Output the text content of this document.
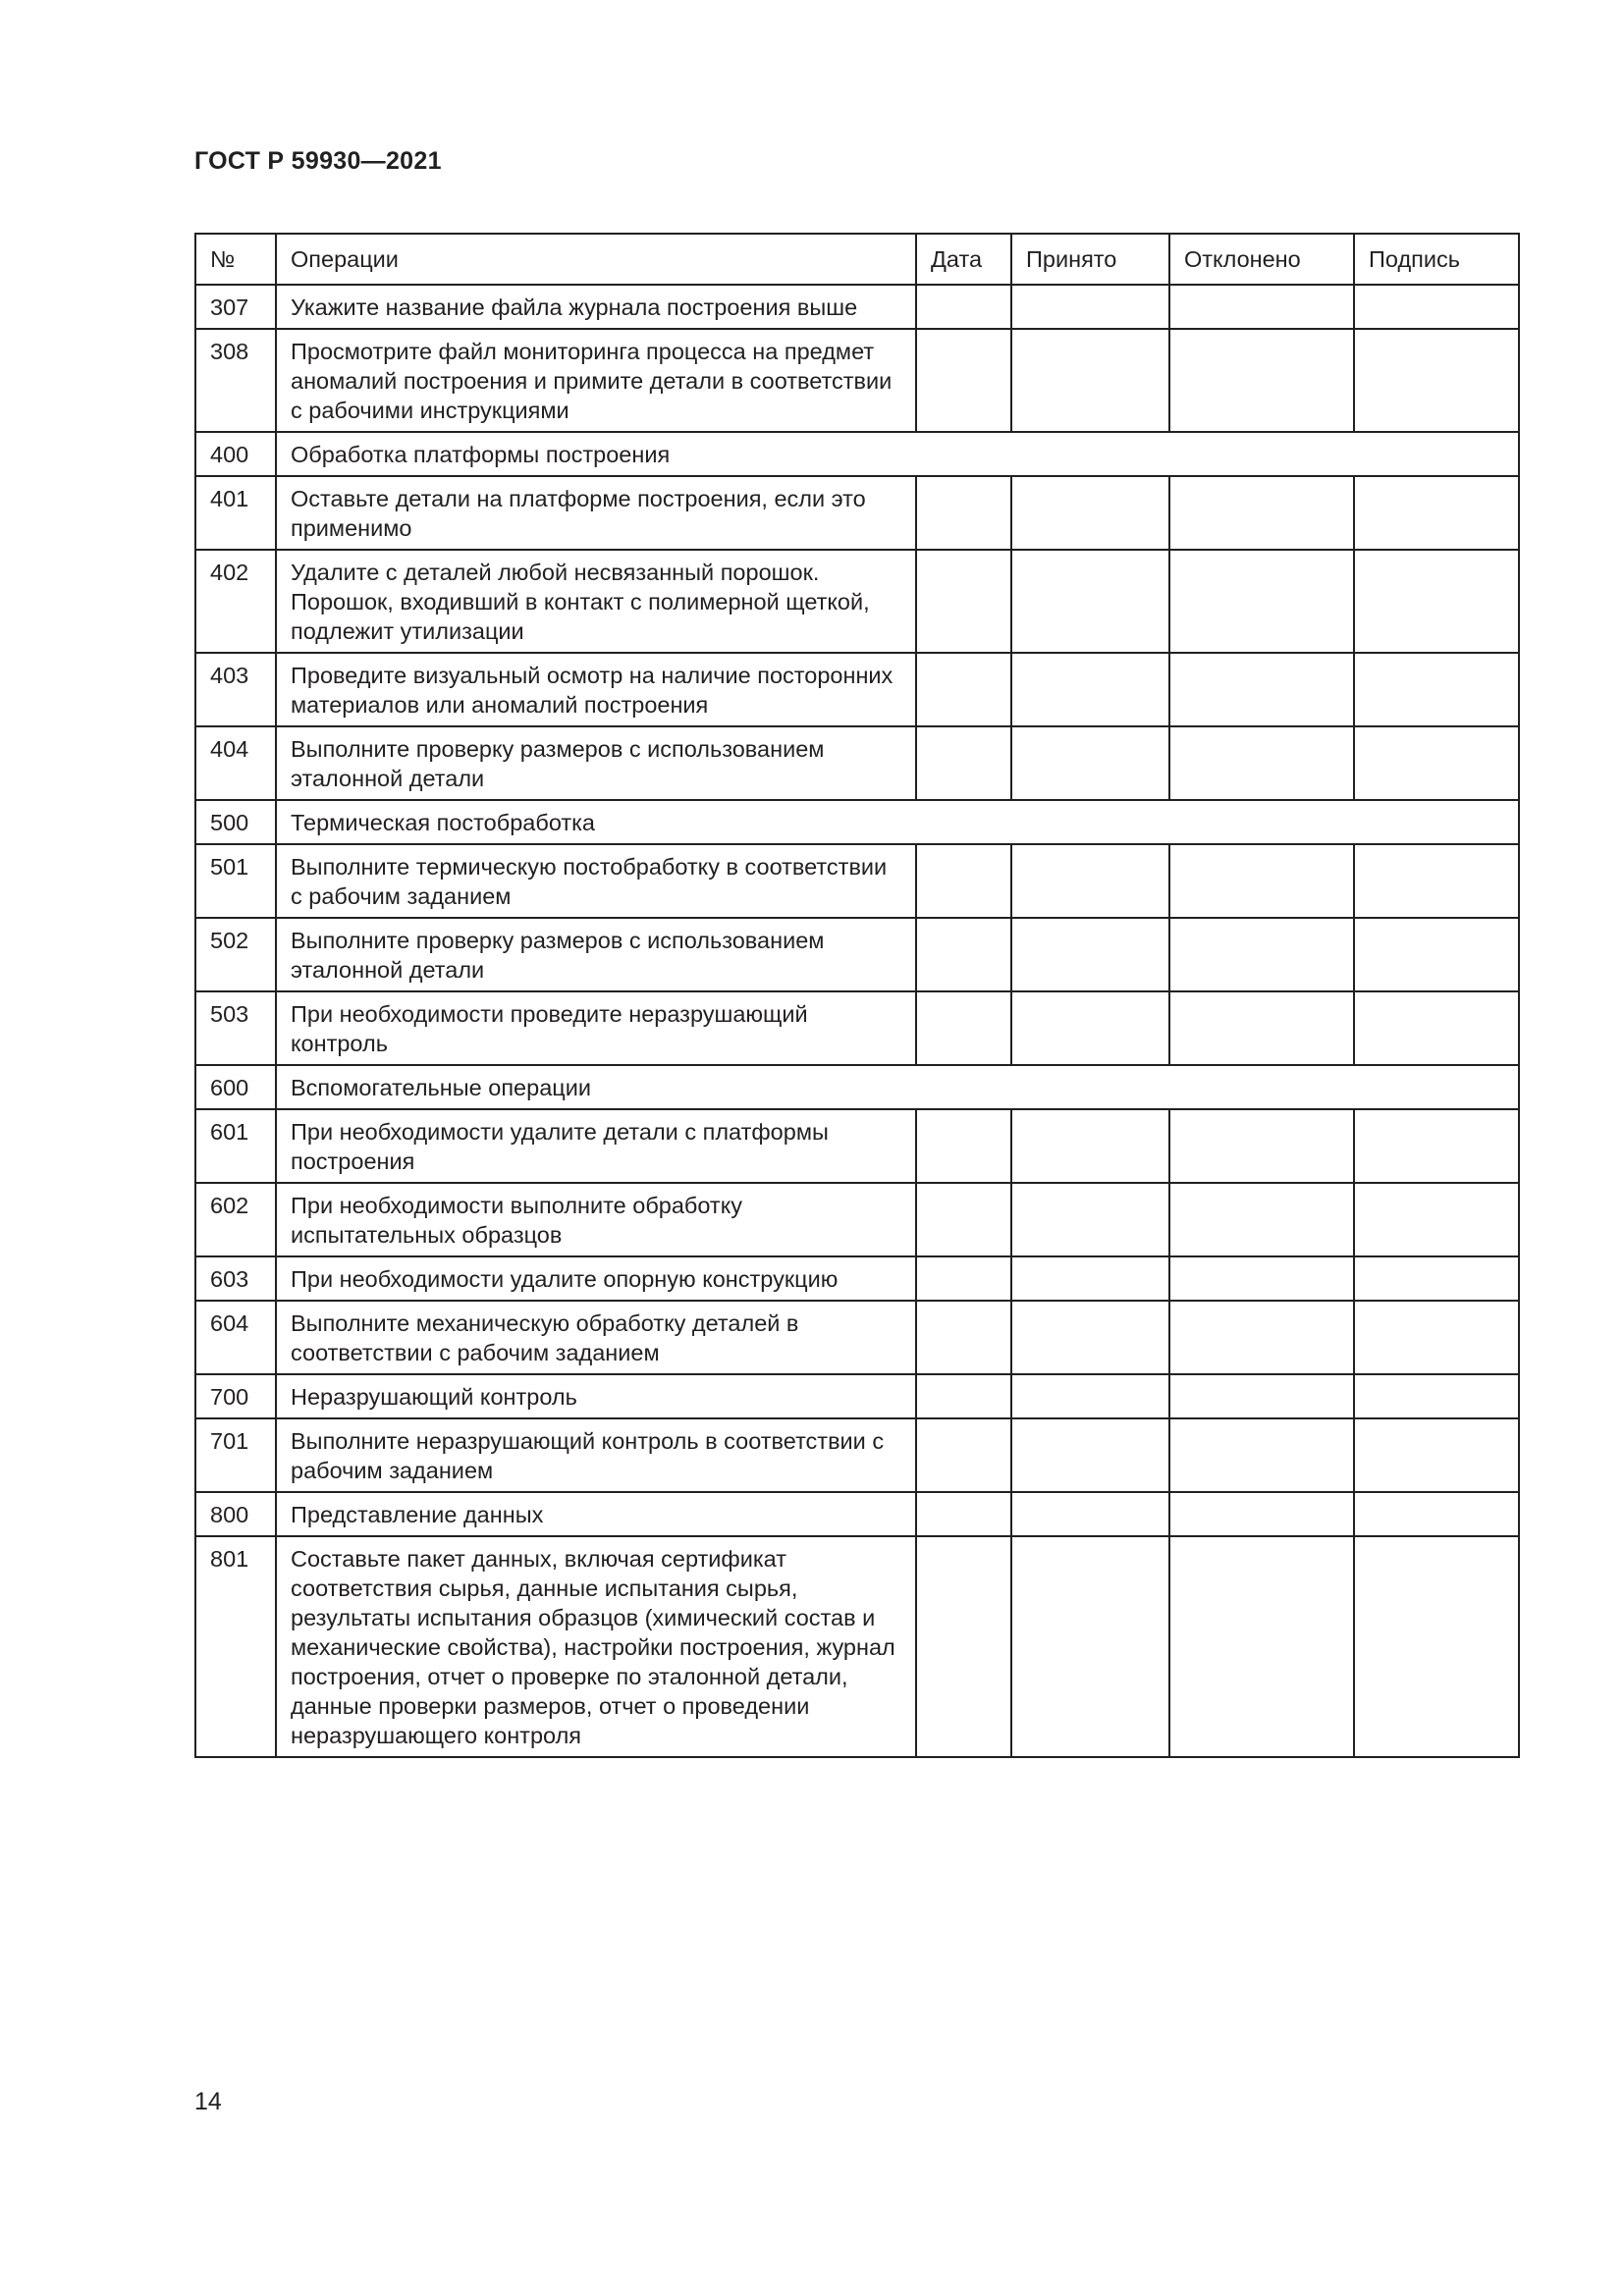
ГОСТ Р 59930—2021
№	Операции	Дата	Принято	Отклонено	Подпись
307	Укажите название файла журнала построения выше				
308	Просмотрите файл мониторинга процесса на предмет аномалий построения и примите детали в соответствии с рабочими инструкциями				
400	Обработка платформы построения				
401	Оставьте детали на платформе построения, если это применимо				
402	Удалите с деталей любой несвязанный порошок. Порошок, входивший в контакт с полимерной щеткой, подлежит утилизации				
403	Проведите визуальный осмотр на наличие посторонних материалов или аномалий построения				
404	Выполните проверку размеров с использованием эталонной детали				
500	Термическая постобработка				
501	Выполните термическую постобработку в соответствии с рабочим заданием				
502	Выполните проверку размеров с использованием эталонной детали				
503	При необходимости проведите неразрушающий контроль				
600	Вспомогательные операции				
601	При необходимости удалите детали с платформы построения				
602	При необходимости выполните обработку испытательных образцов				
603	При необходимости удалите опорную конструкцию				
604	Выполните механическую обработку деталей в соответствии с рабочим заданием				
700	Неразрушающий контроль				
701	Выполните неразрушающий контроль в соответствии с рабочим заданием				
800	Представление данных				
801	Составьте пакет данных, включая сертификат соответствия сырья, данные испытания сырья, результаты испытания образцов (химический состав и механические свойства), настройки построения, журнал построения, отчет о проверке по эталонной детали, данные проверки размеров, отчет о проведении неразрушающего контроля				
14
